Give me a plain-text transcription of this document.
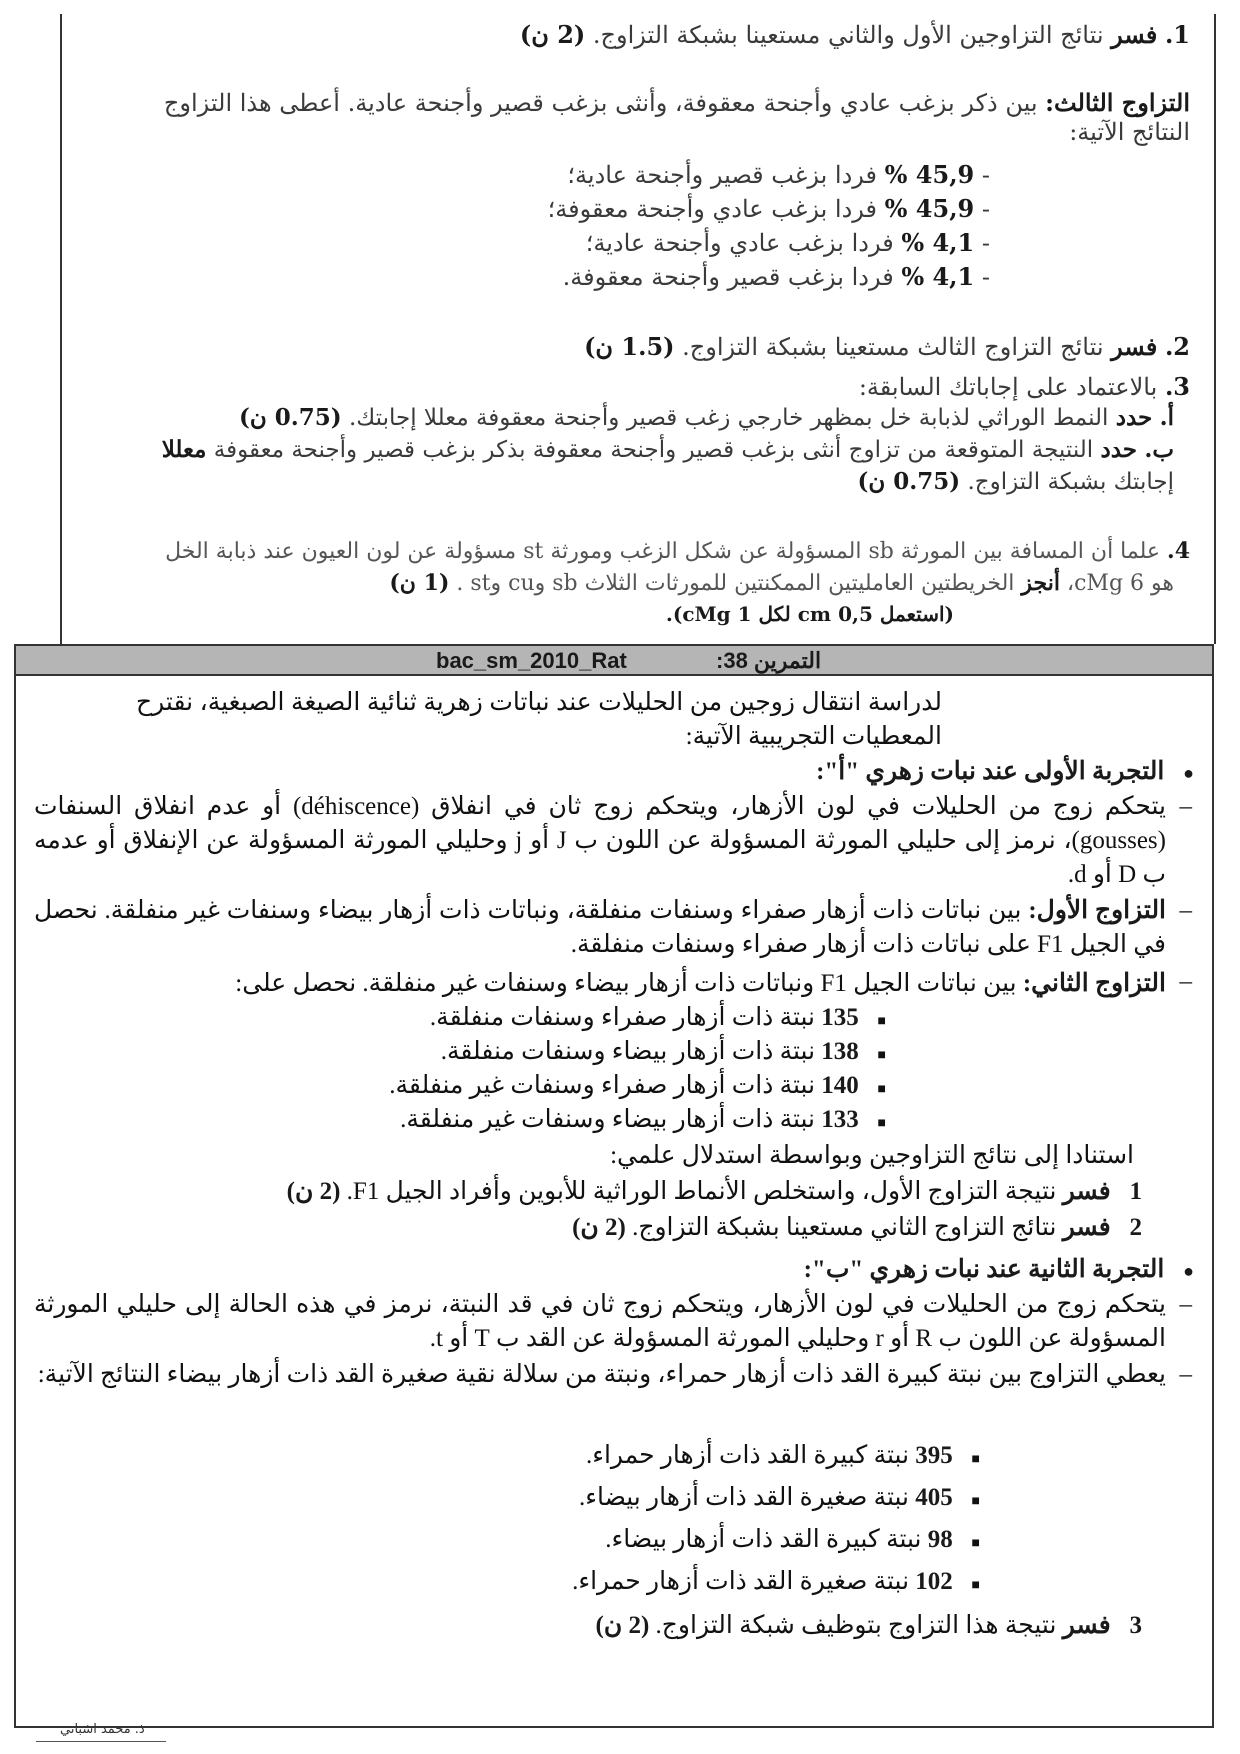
1. فسر نتائج التزاوجين الأول والثاني مستعينا بشبكة التزاوج. (2 ن)
التزاوج الثالث: بين ذكر بزغب عادي وأجنحة معقوفة، وأنثى بزغب قصير وأجنحة عادية. أعطى هذا التزاوج
النتائج الآتية:
- 45,9 % فردا بزغب قصير وأجنحة عادية؛
- 45,9 % فردا بزغب عادي وأجنحة معقوفة؛
- 4,1 % فردا بزغب عادي وأجنحة عادية؛
- 4,1 % فردا بزغب قصير وأجنحة معقوفة.
2. فسر نتائج التزاوج الثالث مستعينا بشبكة التزاوج. (1.5 ن)
3. بالاعتماد على إجاباتك السابقة:
أ. حدد النمط الوراثي لذبابة خل بمظهر خارجي زغب قصير وأجنحة معقوفة معللا إجابتك. (0.75 ن)
ب. حدد النتيجة المتوقعة من تزاوج أنثى بزغب قصير وأجنحة معقوفة بذكر بزغب قصير وأجنحة معقوفة معللا
إجابتك بشبكة التزاوج. (0.75 ن)
4. علما أن المسافة بين المورثة sb المسؤولة عن شكل الزغب ومورثة st مسؤولة عن لون العيون عند ذبابة الخل
هو 6 cMg، أنجز الخريطتين العامليتين الممكنتين للمورثات الثلاث sb وcu وst . (1 ن)
(استعمل 0,5 cm لكل 1 cMg).
bac_sm_2010_Rat	التمرين 38:
لدراسة انتقال زوجين من الحليلات عند نباتات زهرية ثنائية الصيغة الصبغية، نقترح المعطيات التجريبية الآتية:
●    التجربة الأولى عند نبات زهري "أ":
–
يتحكم زوج من الحليلات في لون الأزهار، ويتحكم زوج ثان في انفلاق (déhiscence) أو عدم انفلاق السنفات (gousses)، نرمز إلى حليلي المورثة المسؤولة عن اللون ب J أو j وحليلي المورثة المسؤولة عن الإنفلاق أو عدمه ب D أو d.
–
التزاوج الأول: بين نباتات ذات أزهار صفراء وسنفات منفلقة، ونباتات ذات أزهار بيضاء وسنفات غير منفلقة. نحصل في الجيل F1 على نباتات ذات أزهار صفراء وسنفات منفلقة.
–
التزاوج الثاني: بين نباتات الجيل F1 ونباتات ذات أزهار بيضاء وسنفات غير منفلقة. نحصل على:
■   135 نبتة ذات أزهار صفراء وسنفات منفلقة.
■   138 نبتة ذات أزهار بيضاء وسنفات منفلقة.
■   140 نبتة ذات أزهار صفراء وسنفات غير منفلقة.
■   133 نبتة ذات أزهار بيضاء وسنفات غير منفلقة.
استنادا إلى نتائج التزاوجين وبواسطة استدلال علمي:
1   فسر نتيجة التزاوج الأول، واستخلص الأنماط الوراثية للأبوين وأفراد الجيل F1. (2 ن)
2   فسر نتائج التزاوج الثاني مستعينا بشبكة التزاوج. (2 ن)
●    التجربة الثانية عند نبات زهري "ب":
–
يتحكم زوج من الحليلات في لون الأزهار، ويتحكم زوج ثان في قد النبتة، نرمز في هذه الحالة إلى حليلي المورثة المسؤولة عن اللون ب R أو r وحليلي المورثة المسؤولة عن القد ب T أو t.
–
يعطي التزاوج بين نبتة كبيرة القد ذات أزهار حمراء، ونبتة من سلالة نقية صغيرة القد ذات أزهار بيضاء النتائج الآتية:
■   395 نبتة كبيرة القد ذات أزهار حمراء.
■   405 نبتة صغيرة القد ذات أزهار بيضاء.
■   98 نبتة كبيرة القد ذات أزهار بيضاء.
■   102 نبتة صغيرة القد ذات أزهار حمراء.
3   فسر نتيجة هذا التزاوج بتوظيف شبكة التزاوج. (2 ن)
ذ. محمد اشباني
